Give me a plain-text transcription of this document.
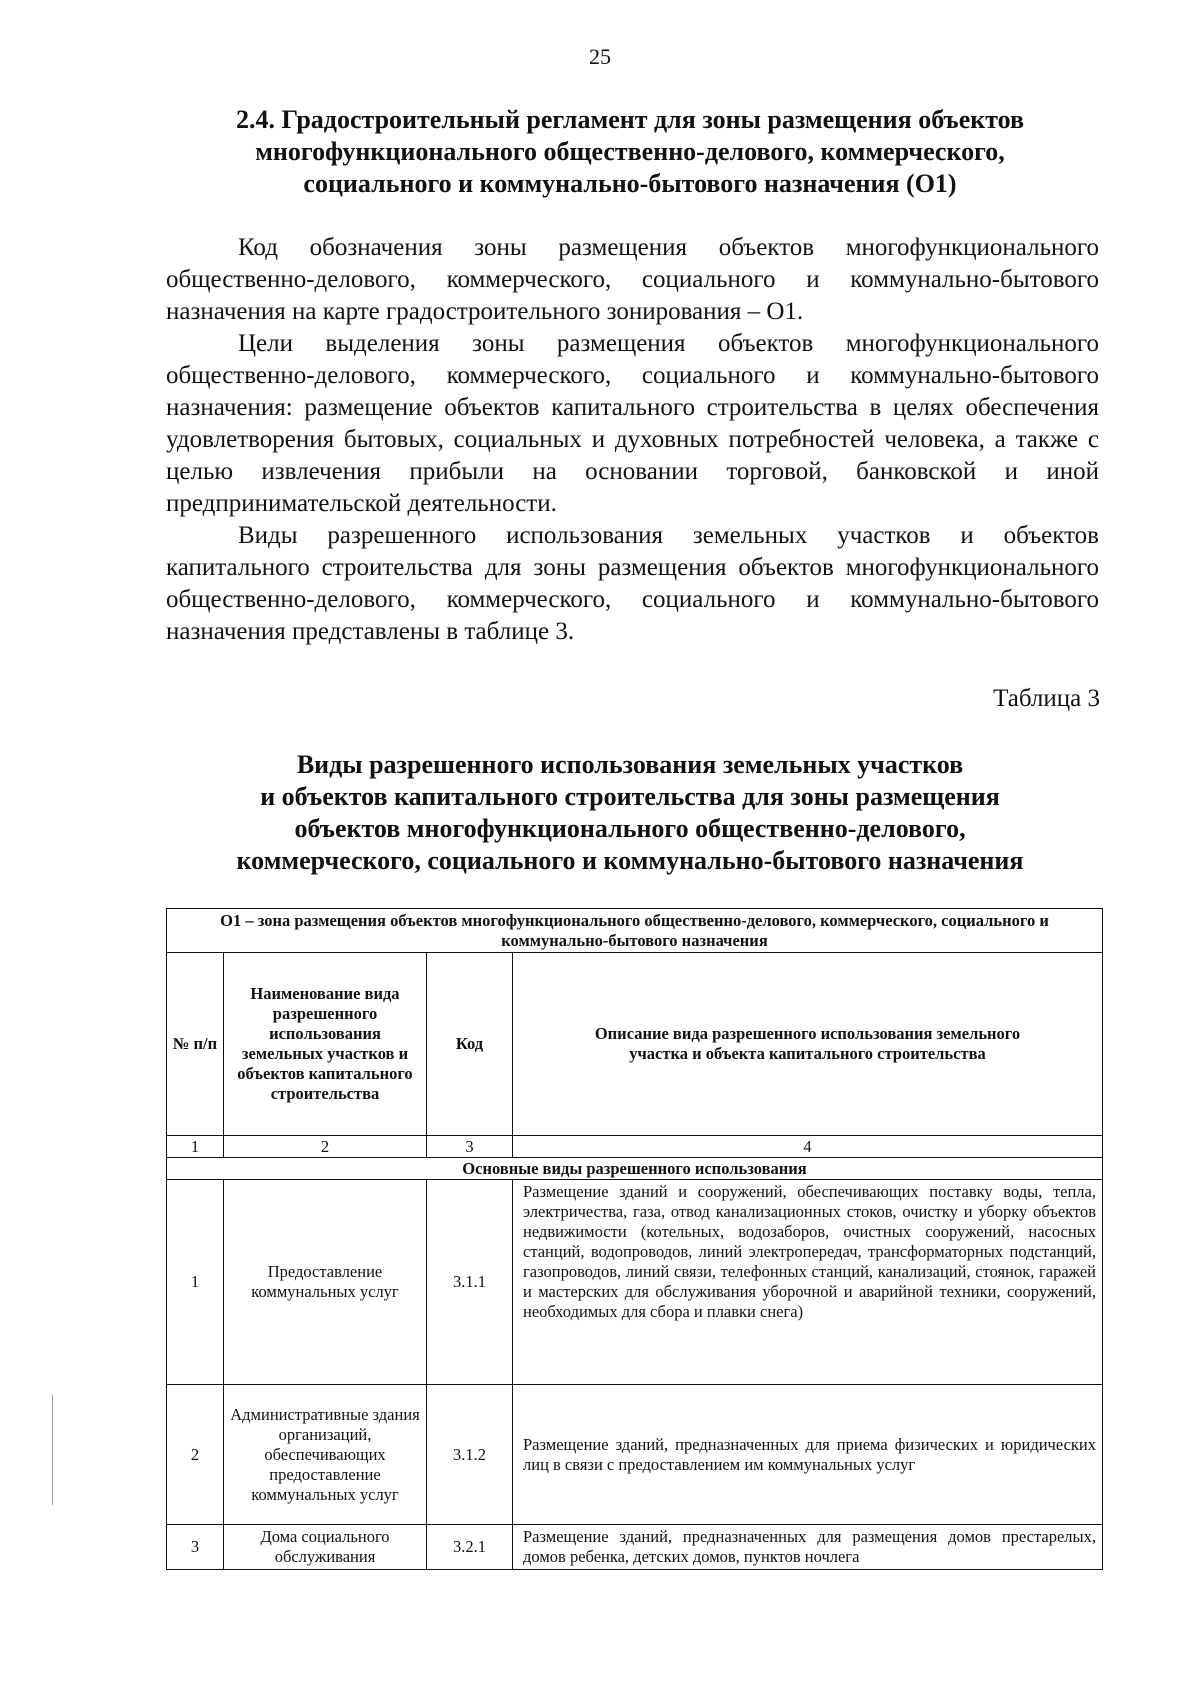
25
2.4. Градостроительный регламент для зоны размещения объектов
многофункционального общественно-делового, коммерческого,
социального и коммунально-бытового назначения (О1)

Код обозначения зоны размещения объектов многофункционального общественно-делового, коммерческого, социального и коммунально-бытового назначения на карте градостроительного зонирования – О1.

Цели выделения зоны размещения объектов многофункционального общественно-делового, коммерческого, социального и коммунально-бытового назначения: размещение объектов капитального строительства в целях обеспечения удовлетворения бытовых, социальных и духовных потребностей человека, а также с целью извлечения прибыли на основании торговой, банковской и иной предпринимательской деятельности.

Виды разрешенного использования земельных участков и объектов капитального строительства для зоны размещения объектов многофункционального общественно-делового, коммерческого, социального и коммунально-бытового назначения представлены в таблице 3.

Таблица 3
Виды разрешенного использования земельных участков
и объектов капитального строительства для зоны размещения
объектов многофункционального общественно-делового,
коммерческого, социального и коммунально-бытового назначения
О1 – зона размещения объектов многофункционального общественно-делового, коммерческого, социального и коммунально-бытового назначения			
№ п/п	Наименование вида разрешенного использования земельных участков и объектов капитального строительства	Код	Описание вида разрешенного использования земельного участка и объекта капитального строительства
1	2	3	4
Основные виды разрешенного использования			
1	Предоставление коммунальных услуг	3.1.1	Размещение зданий и сооружений, обеспечивающих поставку воды, тепла, электричества, газа, отвод канализационных стоков, очистку и уборку объектов недвижимости (котельных, водозаборов, очистных сооружений, насосных станций, водопроводов, линий электропередач, трансформаторных подстанций, газопроводов, линий связи, телефонных станций, канализаций, стоянок, гаражей и мастерских для обслуживания уборочной и аварийной техники, сооружений, необходимых для сбора и плавки снега)
2	Административные здания организаций, обеспечивающих предоставление коммунальных услуг	3.1.2	Размещение зданий, предназначенных для приема физических и юридических лиц в связи с предоставлением им коммунальных услуг
3	Дома социального обслуживания	3.2.1	Размещение зданий, предназначенных для размещения домов престарелых, домов ребенка, детских домов, пунктов ночлега
